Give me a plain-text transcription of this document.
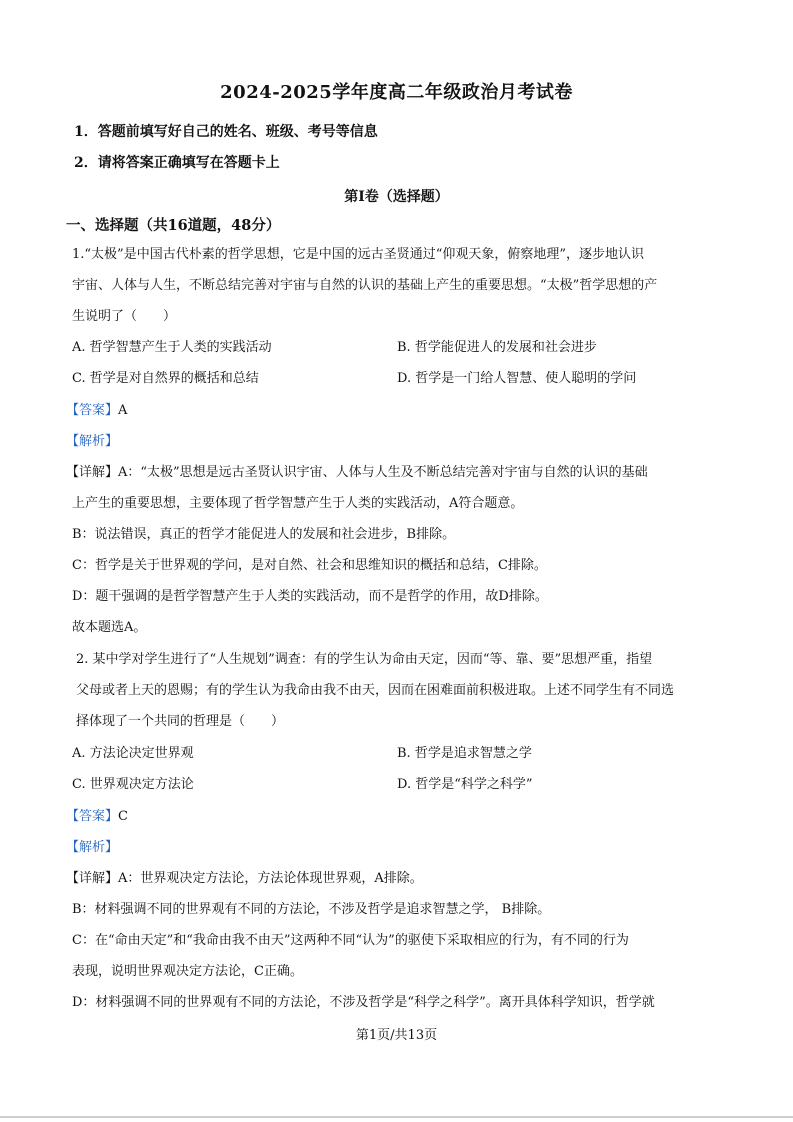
2024-2025学年度高二年级政治月考试卷
1．答题前填写好自己的姓名、班级、考号等信息
2．请将答案正确填写在答题卡上
第Ⅰ卷（选择题）
一、选择题（共16道题，48分）
1.“太极”是中国古代朴素的哲学思想，它是中国的远古圣贤通过“仰观天象，俯察地理”，逐步地认识
宇宙、人体与人生，不断总结完善对宇宙与自然的认识的基础上产生的重要思想。“太极”哲学思想的产
生说明了（　　）
A. 哲学智慧产生于人类的实践活动	B. 哲学能促进人的发展和社会进步
C. 哲学是对自然界的概括和总结	D. 哲学是一门给人智慧、使人聪明的学问
【答案】A
【解析】
【详解】A：“太极”思想是远古圣贤认识宇宙、人体与人生及不断总结完善对宇宙与自然的认识的基础
上产生的重要思想，主要体现了哲学智慧产生于人类的实践活动，A符合题意。
B：说法错误，真正的哲学才能促进人的发展和社会进步，B排除。
C：哲学是关于世界观的学问，是对自然、社会和思维知识的概括和总结，C排除。
D：题干强调的是哲学智慧产生于人类的实践活动，而不是哲学的作用，故D排除。
故本题选A。
2. 某中学对学生进行了“人生规划”调查：有的学生认为命由天定，因而“等、靠、要”思想严重，指望
父母或者上天的恩赐；有的学生认为我命由我不由天，因而在困难面前积极进取。上述不同学生有不同选
择体现了一个共同的哲理是（　　）
A. 方法论决定世界观	B. 哲学是追求智慧之学
C. 世界观决定方法论	D. 哲学是“科学之科学”
【答案】C
【解析】
【详解】A：世界观决定方法论，方法论体现世界观，A排除。
B：材料强调不同的世界观有不同的方法论，不涉及哲学是追求智慧之学， B排除。
C：在“命由天定”和“我命由我不由天”这两种不同“认为”的驱使下采取相应的行为，有不同的行为
表现，说明世界观决定方法论，C正确。
D：材料强调不同的世界观有不同的方法论，不涉及哲学是“科学之科学”。离开具体科学知识，哲学就
第1页/共13页
